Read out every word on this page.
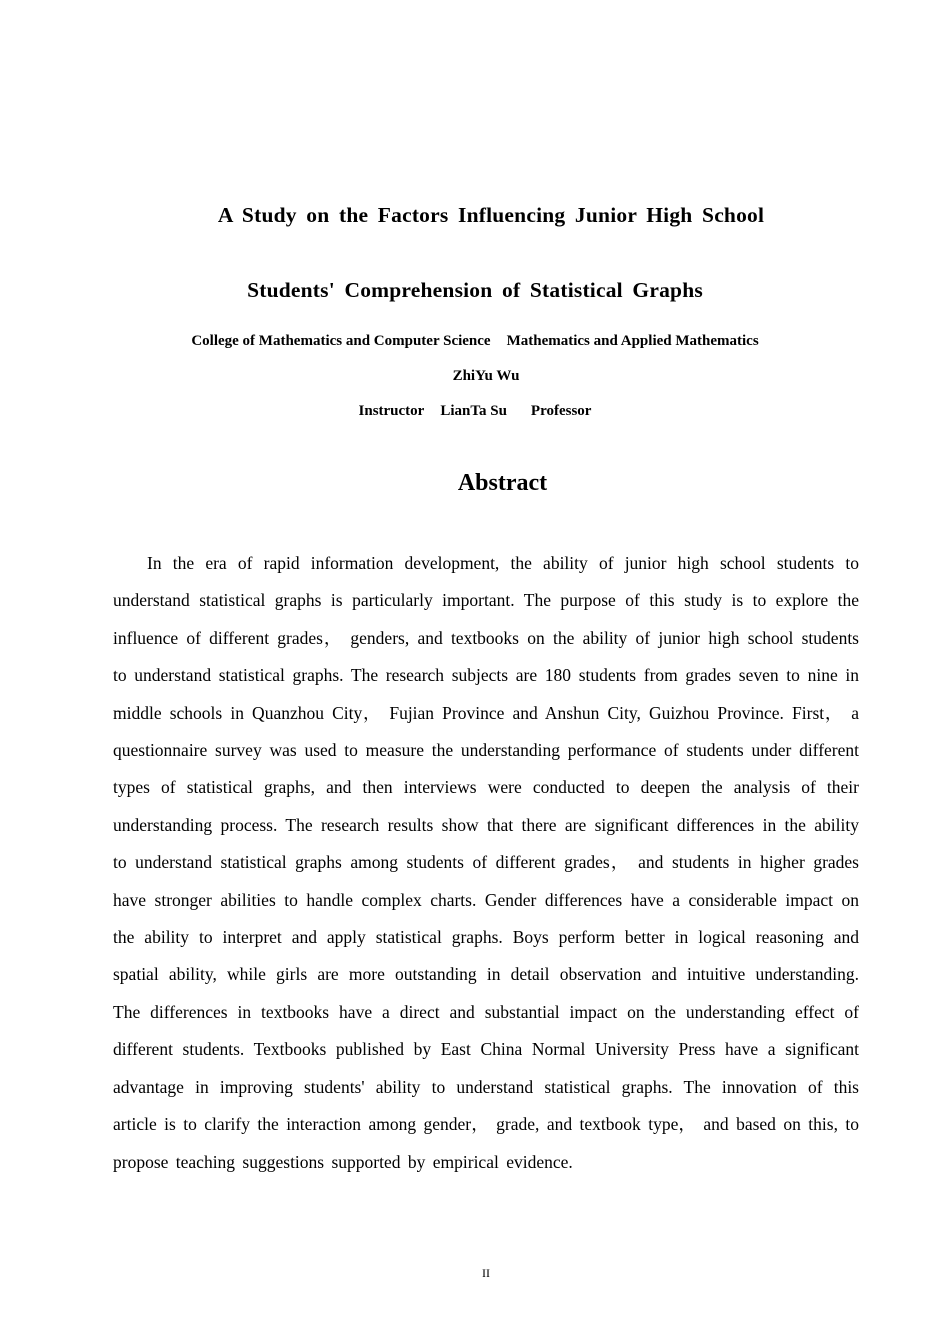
A Study on the Factors Influencing Junior High School
Students' Comprehension of Statistical Graphs
College of Mathematics and Computer Science Mathematics and Applied Mathematics
ZhiYu Wu
Instructor LianTa Su Professor
Abstract

In the era of rapid information development, the ability of junior high school students to understand statistical graphs is particularly important. The purpose of this study is to explore the influence of different grades， genders, and textbooks on the ability of junior high school students to understand statistical graphs. The research subjects are 180 students from grades seven to nine in middle schools in Quanzhou City， Fujian Province and Anshun City, Guizhou Province. First， a questionnaire survey was used to measure the understanding performance of students under different types of statistical graphs, and then interviews were conducted to deepen the analysis of their understanding process. The research results show that there are significant differences in the ability to understand statistical graphs among students of different grades， and students in higher grades have stronger abilities to handle complex charts. Gender differences have a considerable impact on the ability to interpret and apply statistical graphs. Boys perform better in logical reasoning and spatial ability, while girls are more outstanding in detail observation and intuitive understanding. The differences in textbooks have a direct and substantial impact on the understanding effect of different students. Textbooks published by East China Normal University Press have a significant advantage in improving students' ability to understand statistical graphs. The innovation of this article is to clarify the interaction among gender， grade, and textbook type， and based on this, to propose teaching suggestions supported by empirical evidence.

II
